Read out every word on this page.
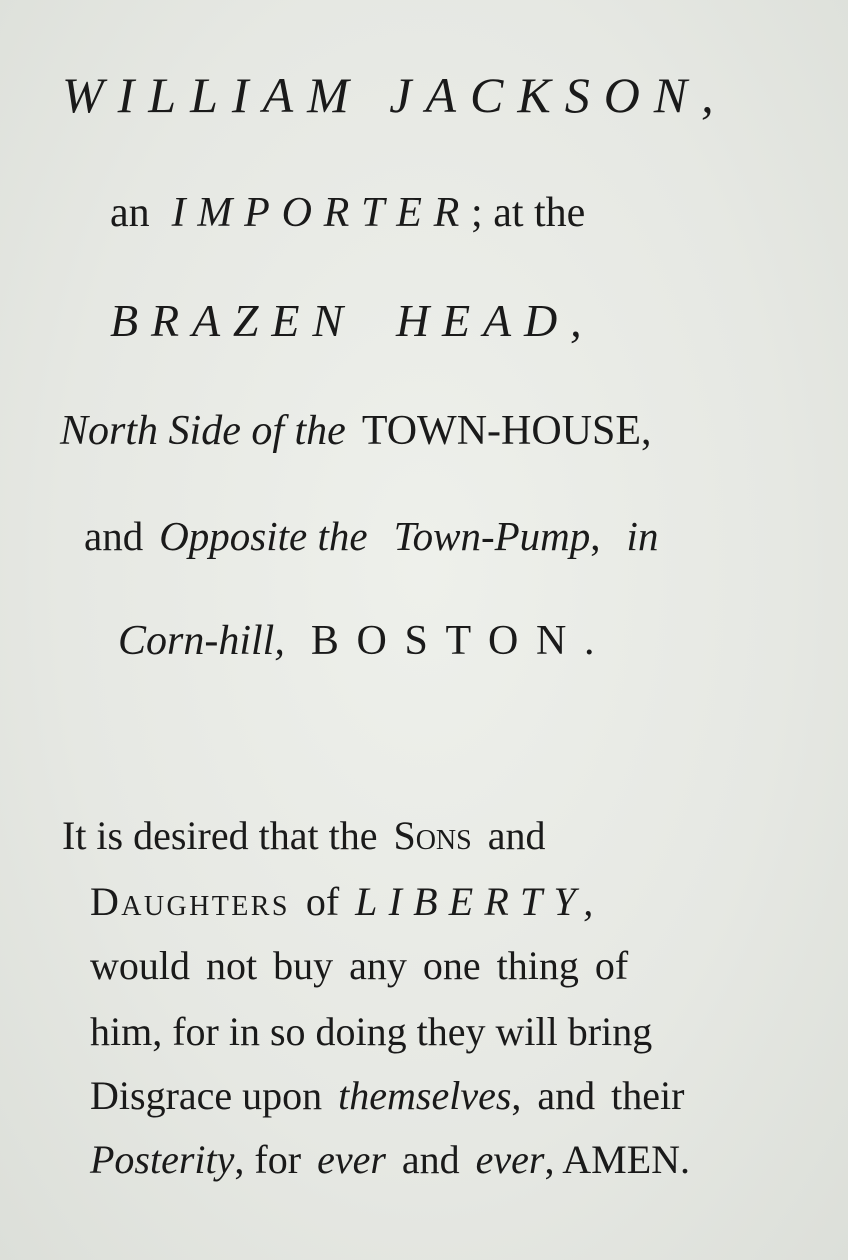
WILLIAM JACKSON,
an IMPORTER; at the
BRAZEN HEAD,
North Side of the TOWN-HOUSE,
and Opposite the Town-Pump, in
Corn-hill, BOSTON.
It is desired that the Sons and
Daughters of LIBERTY,
would not buy any one thing of
him, for in so doing they will bring
Disgrace upon themselves, and their
Posterity, for ever and ever, AMEN.
